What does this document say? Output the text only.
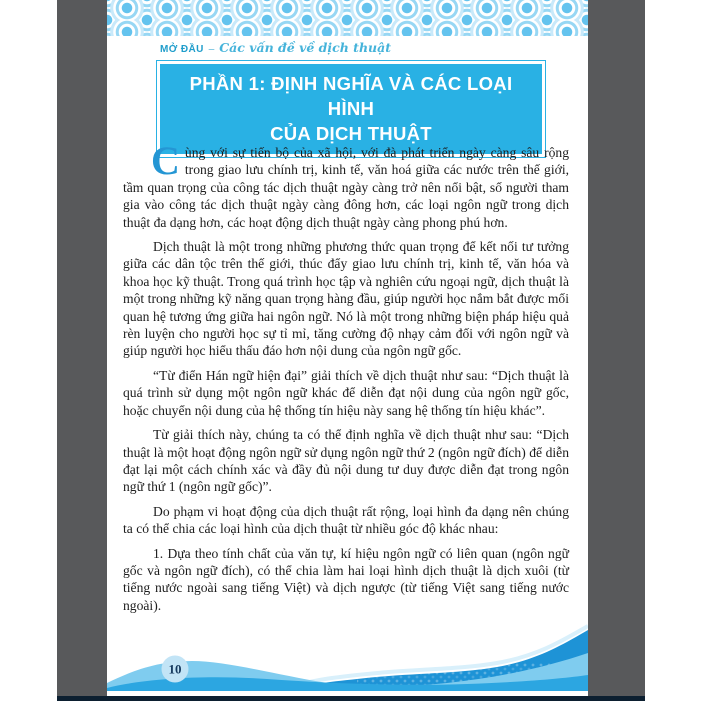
MỞ ĐẦU – Các vấn đề về dịch thuật
PHẦN 1: ĐỊNH NGHĨA VÀ CÁC LOẠI HÌNH
CỦA DỊCH THUẬT

Cùng với sự tiến bộ của xã hội, với đà phát triển ngày càng sâu rộng trong giao lưu chính trị, kinh tế, văn hoá giữa các nước trên thế giới, tầm quan trọng của công tác dịch thuật ngày càng trở nên nổi bật, số người tham gia vào công tác dịch thuật ngày càng đông hơn, các loại ngôn ngữ trong dịch thuật đa dạng hơn, các hoạt động dịch thuật ngày càng phong phú hơn.

Dịch thuật là một trong những phương thức quan trọng để kết nối tư tưởng giữa các dân tộc trên thế giới, thúc đẩy giao lưu chính trị, kinh tế, văn hóa và khoa học kỹ thuật. Trong quá trình học tập và nghiên cứu ngoại ngữ, dịch thuật là một trong những kỹ năng quan trọng hàng đầu, giúp người học nắm bắt được mối quan hệ tương ứng giữa hai ngôn ngữ. Nó là một trong những biện pháp hiệu quả rèn luyện cho người học sự tỉ mỉ, tăng cường độ nhạy cảm đối với ngôn ngữ và giúp người học hiểu thấu đáo hơn nội dung của ngôn ngữ gốc.

“Từ điển Hán ngữ hiện đại” giải thích về dịch thuật như sau: “Dịch thuật là quá trình sử dụng một ngôn ngữ khác để diễn đạt nội dung của ngôn ngữ gốc, hoặc chuyển nội dung của hệ thống tín hiệu này sang hệ thống tín hiệu khác”.

Từ giải thích này, chúng ta có thể định nghĩa về dịch thuật như sau: “Dịch thuật là một hoạt động ngôn ngữ sử dụng ngôn ngữ thứ 2 (ngôn ngữ đích) để diễn đạt lại một cách chính xác và đầy đủ nội dung tư duy được diễn đạt trong ngôn ngữ thứ 1 (ngôn ngữ gốc)”.

Do phạm vi hoạt động của dịch thuật rất rộng, loại hình đa dạng nên chúng ta có thể chia các loại hình của dịch thuật từ nhiều góc độ khác nhau:

1. Dựa theo tính chất của văn tự, kí hiệu ngôn ngữ có liên quan (ngôn ngữ gốc và ngôn ngữ đích), có thể chia làm hai loại hình dịch thuật là dịch xuôi (từ tiếng nước ngoài sang tiếng Việt) và dịch ngược (từ tiếng Việt sang tiếng nước ngoài).

10
